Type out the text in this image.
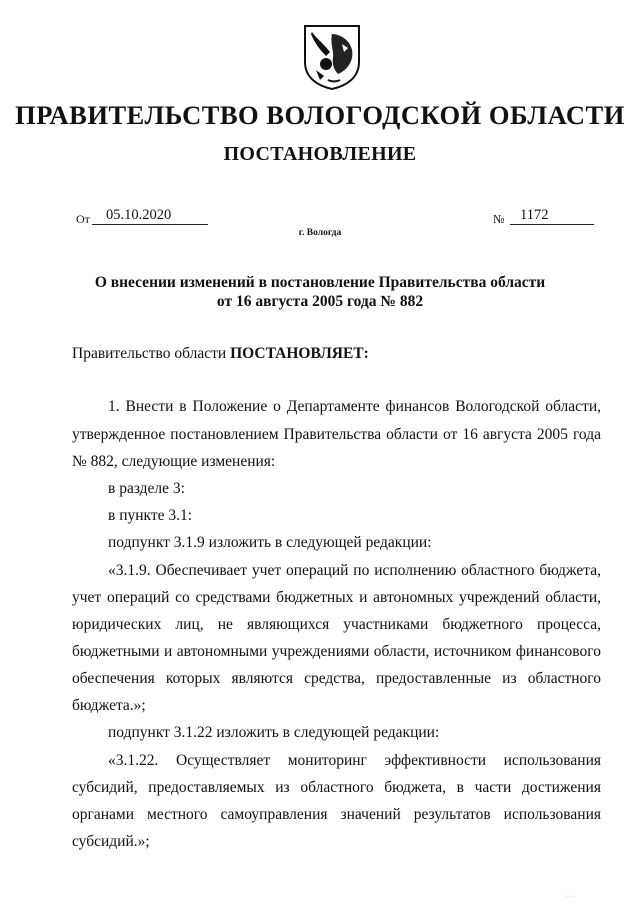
ПРАВИТЕЛЬСТВО ВОЛОГОДСКОЙ ОБЛАСТИ
ПОСТАНОВЛЕНИЕ
От	05.10.2020	№	1172
г. Вологда
О внесении изменений в постановление Правительства области
от 16 августа 2005 года № 882
Правительство области ПОСТАНОВЛЯЕТ:
1. Внести в Положение о Департаменте финансов Вологодской области,
утвержденное постановлением Правительства области от 16 августа 2005 года
№ 882, следующие изменения:
в разделе 3:
в пункте 3.1:
подпункт 3.1.9 изложить в следующей редакции:
«3.1.9. Обеспечивает учет операций по исполнению областного бюджета,
учет операций со средствами бюджетных и автономных учреждений области,
юридических лиц, не являющихся участниками бюджетного процесса,
бюджетными и автономными учреждениями области, источником финансового
обеспечения которых являются средства, предоставленные из областного
бюджета.»;
подпункт 3.1.22 изложить в следующей редакции:
«3.1.22. Осуществляет мониторинг эффективности использования
субсидий, предоставляемых из областного бюджета, в части достижения
органами местного самоуправления значений результатов использования
субсидий.»;
· · ·
